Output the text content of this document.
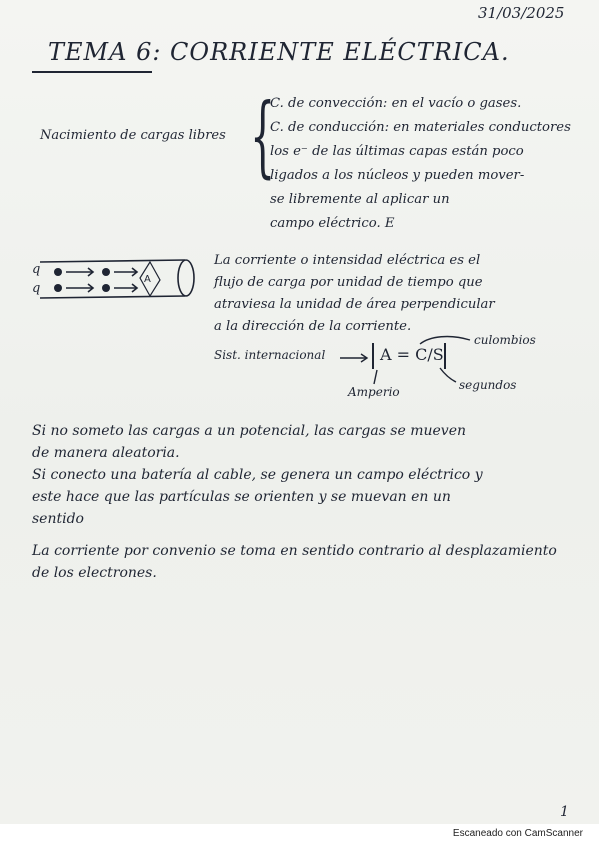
31/03/2025
TEMA 6: CORRIENTE ELÉCTRICA.
Nacimiento de cargas libres {
C. de convección: en el vacío o gases.
C. de conducción: en materiales conductores
los e⁻ de las últimas capas están poco
ligados a los núcleos y pueden mover-
se libremente al aplicar un
campo eléctrico. E
q
q
A
La corriente o intensidad eléctrica es el
flujo de carga por unidad de tiempo que
atraviesa la unidad de área perpendicular
a la dirección de la corriente.
Sist. internacional	A = C/S
culombios
segundos
Amperio
Si no someto las cargas a un potencial, las cargas se mueven
de manera aleatoria.
Si conecto una batería al cable, se genera un campo eléctrico y
este hace que las partículas se orienten y se muevan en un
sentido
La corriente por convenio se toma en sentido contrario al desplazamiento
de los electrones.
1
Escaneado con CamScanner
